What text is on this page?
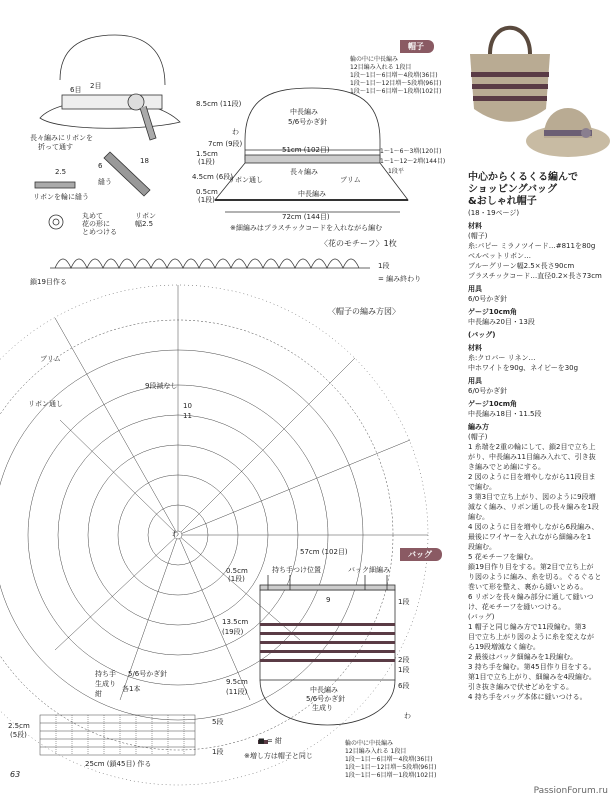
帽子
バッグ
〈花のモチーフ〉1枚
〈帽子の編み方図〉
6目 2目
長々編みにリボンを
折って通す
2.5
6
18
縫う
リボンを輪に縫う
丸めて
花の形に
とめつける
リボン
幅2.5
輪の中に中長編み
12目編み入れる 1段目
1段～1目～6目増～4段増(36目)
1段～1目～12目増～5段増(96目)
1段～1目～6目増～1段増(102目)
8.5cm (11段)
7cm (9段)
1.5cm
(1段)
4.5cm (6段)
0.5cm
(1段)
中長編み
5/6号かぎ針
51cm (102目)	1～1～6～3増(120目)
1～1～12～2増(144目)
1段平
リボン通し
長々編み
ブリム
中長編み
72cm (144目)
※細編みはプラスチックコードを入れながら編む
わ
鎖19目作る
1段
= 編み終わり
ブリム
リボン通し
9段減なし
10
11
わ
57cm (102目)
0.5cm
(1段)
13.5cm
(19段)
9.5cm
(11段)
持ち手つけ位置	バック細編み
9	1段
2段
1段
6段
中長編み
5/6号かぎ針
生成り
■ = 紺
※増し方は帽子と同じ
輪の中に中長編み
12目編み入れる 1段目
1段～1目～6目増～4段増(36目)
1段～1目～12目増～5段増(96目)
1段～1目～6目増～1段増(102目)
わ
持ち手 5/6号かぎ針
生成り
紺
各1本
2.5cm
(5段)
5段
1段
25cm (鎖45目) 作る
中心からくるくる編んで
ショッピングバッグ
&おしゃれ帽子
(18・19ページ)
材料
(帽子)
糸:パピー ミラノツイード…#811を80g
ベルベットリボン…
ブルーグリーン幅2.5×長さ90cm
プラスチックコード…直径0.2×長さ73cm
用具
6/0号かぎ針
ゲージ10cm角
中長編み20目・13段
(バッグ)
材料
糸:クロバー リネン…
中ホワイトを90g、ネイビーを30g
用具
6/0号かぎ針
ゲージ10cm角
中長編み18目・11.5段
編み方
(帽子)
1 糸端を2重の輪にして、鎖2目で立ち上
がり、中長編み11目編み入れて、引き抜
き編みでとめ編にする。
2 図のように目を増やしながら11段目ま
で編む。
3 第3目で立ち上がり、図のように9段増
減なく編み、リボン通しの長々編みを1段
編む。
4 図のように目を増やしながら6段編み、
最後にワイヤーを入れながら細編みを1
段編む。
5 花モチーフを編む。
鎖19目作り目をする。第2目で立ち上が
り図のように編み、糸を切る。ぐるぐると
巻いて形を整え、裏から縫いとめる。
6 リボンを長々編み部分に通して縫いつ
け、花モチーフを縫いつける。
(バッグ)
1 帽子と同じ編み方で11段編む。第3
目で立ち上がり図のように糸を変えなが
ら19段増減なく編む。
2 最後はバック細編みを1段編む。
3 持ち手を編む。第45目作り目をする。
第1目で立ち上がり、細編みを4段編む。
引き抜き編みで伏せどめをする。
4 持ち手をバッグ本体に縫いつける。
63
PassionForum.ru
